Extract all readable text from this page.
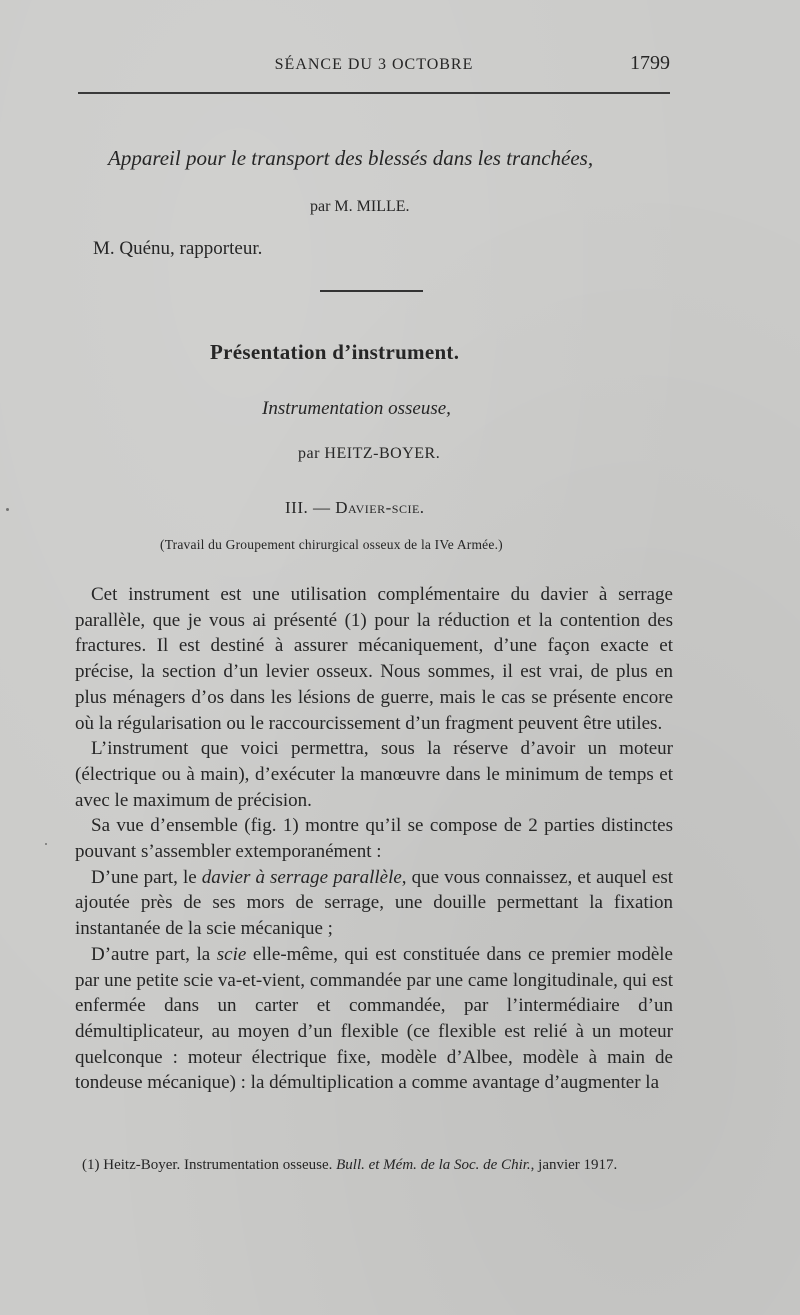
SÉANCE DU 3 OCTOBRE	1799
Appareil pour le transport des blessés dans les tranchées,
par M. MILLE.
M. Quénu, rapporteur.
Présentation d’instrument.
Instrumentation osseuse,
par HEITZ-BOYER.
III. — Davier-scie.
(Travail du Groupement chirurgical osseux de la IVe Armée.)

Cet instrument est une utilisation complémentaire du davier à serrage parallèle, que je vous ai présenté (1) pour la réduction et la contention des fractures. Il est destiné à assurer mécaniquement, d’une façon exacte et précise, la section d’un levier osseux. Nous sommes, il est vrai, de plus en plus ménagers d’os dans les lésions de guerre, mais le cas se présente encore où la régularisation ou le raccourcissement d’un fragment peuvent être utiles.

L’instrument que voici permettra, sous la réserve d’avoir un moteur (électrique ou à main), d’exécuter la manœuvre dans le minimum de temps et avec le maximum de précision.

Sa vue d’ensemble (fig. 1) montre qu’il se compose de 2 parties distinctes pouvant s’assembler extemporanément :

D’une part, le davier à serrage parallèle, que vous connaissez, et auquel est ajoutée près de ses mors de serrage, une douille permettant la fixation instantanée de la scie mécanique ;

D’autre part, la scie elle-même, qui est constituée dans ce premier modèle par une petite scie va-et-vient, commandée par une came longitudinale, qui est enfermée dans un carter et commandée, par l’intermédiaire d’un démultiplicateur, au moyen d’un flexible (ce flexible est relié à un moteur quelconque : moteur électrique fixe, modèle d’Albee, modèle à main de tondeuse mécanique) : la démultiplication a comme avantage d’augmenter la

(1) Heitz-Boyer. Instrumentation osseuse. Bull. et Mém. de la Soc. de Chir., janvier 1917.
